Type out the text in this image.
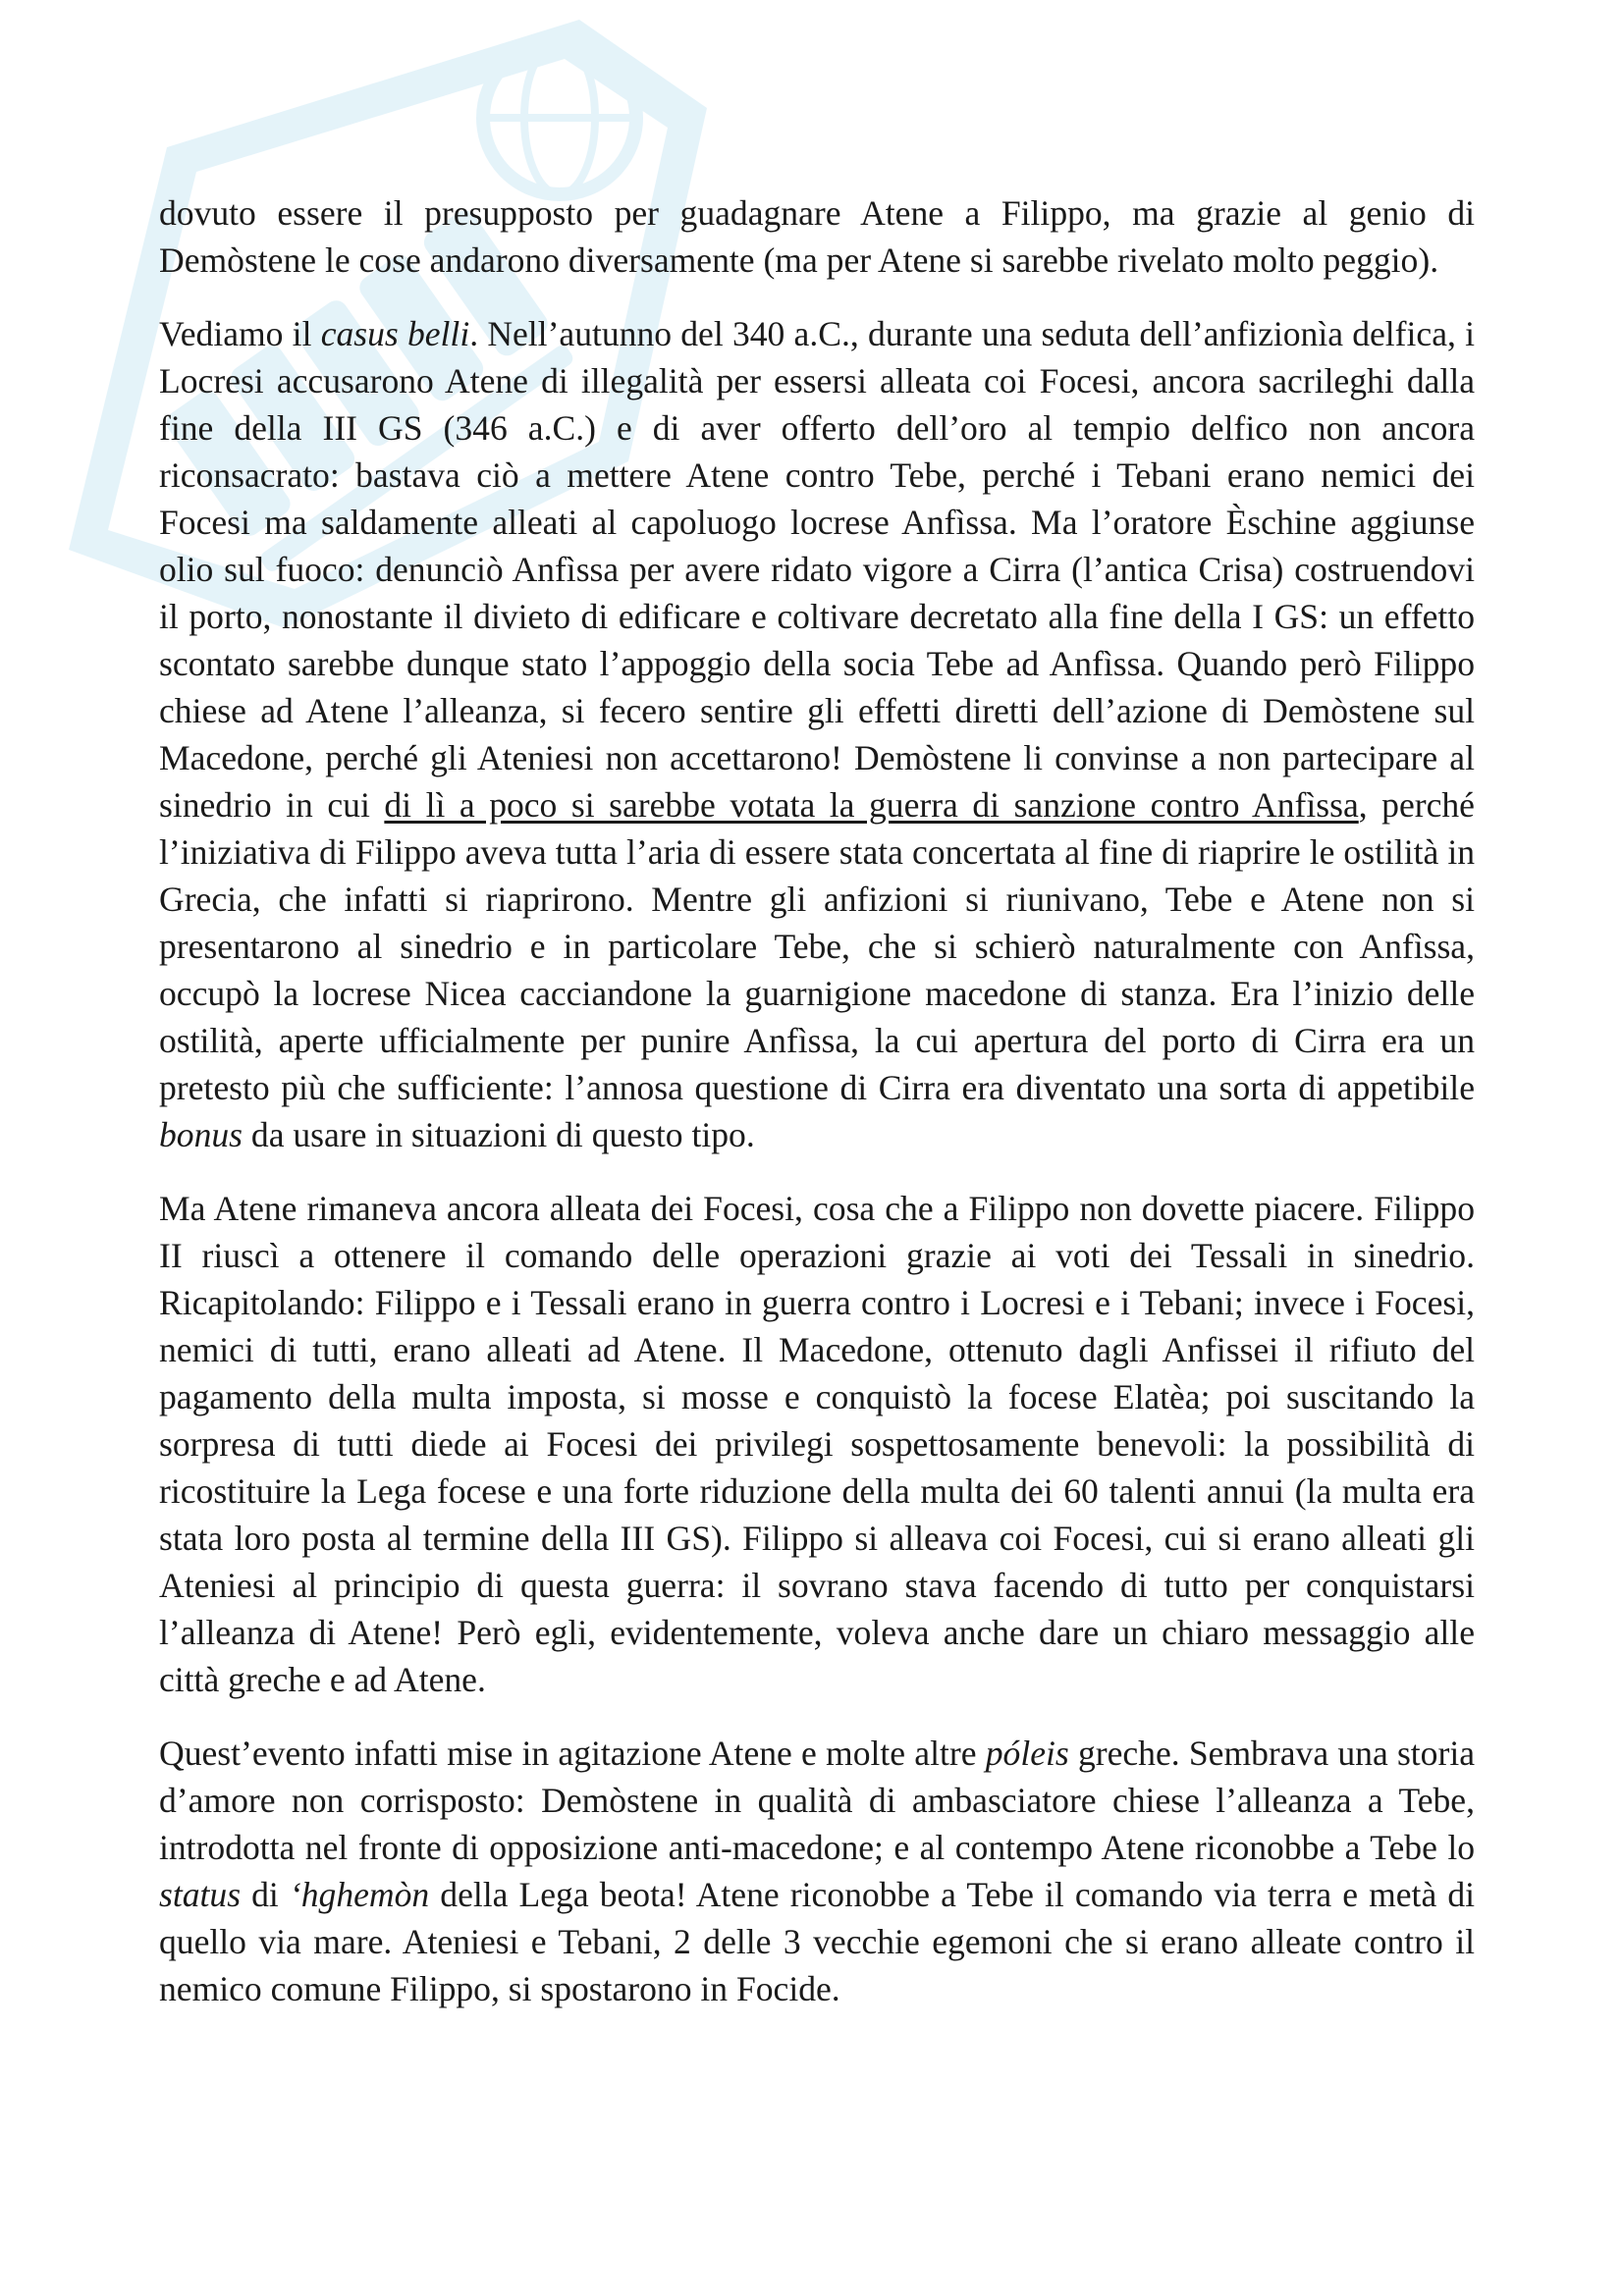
dovuto essere il presupposto per guadagnare Atene a Filippo, ma grazie al genio di Demòstene le cose andarono diversamente (ma per Atene si sarebbe rivelato molto peggio).

Vediamo il casus belli. Nell’autunno del 340 a.C., durante una seduta dell’anfizionìa delfica, i Locresi accusarono Atene di illegalità per essersi alleata coi Focesi, ancora sacrileghi dalla fine della III GS (346 a.C.) e di aver offerto dell’oro al tempio delfico non ancora riconsacrato: bastava ciò a mettere Atene contro Tebe, perché i Tebani erano nemici dei Focesi ma saldamente alleati al capoluogo locrese Anfìssa. Ma l’oratore Èschine aggiunse olio sul fuoco: denunciò Anfìssa per avere ridato vigore a Cirra (l’antica Crisa) costruendovi il porto, nonostante il divieto di edificare e coltivare decretato alla fine della I GS: un effetto scontato sarebbe dunque stato l’appoggio della socia Tebe ad Anfìssa. Quando però Filippo chiese ad Atene l’alleanza, si fecero sentire gli effetti diretti dell’azione di Demòstene sul Macedone, perché gli Ateniesi non accettarono! Demòstene li convinse a non partecipare al sinedrio in cui di lì a poco si sarebbe votata la guerra di sanzione contro Anfìssa, perché l’iniziativa di Filippo aveva tutta l’aria di essere stata concertata al fine di riaprire le ostilità in Grecia, che infatti si riaprirono. Mentre gli anfizioni si riunivano, Tebe e Atene non si presentarono al sinedrio e in particolare Tebe, che si schierò naturalmente con Anfìssa, occupò la locrese Nicea cacciandone la guarnigione macedone di stanza. Era l’inizio delle ostilità, aperte ufficialmente per punire Anfìssa, la cui apertura del porto di Cirra era un pretesto più che sufficiente: l’annosa questione di Cirra era diventato una sorta di appetibile bonus da usare in situazioni di questo tipo.

Ma Atene rimaneva ancora alleata dei Focesi, cosa che a Filippo non dovette piacere. Filippo II riuscì a ottenere il comando delle operazioni grazie ai voti dei Tessali in sinedrio. Ricapitolando: Filippo e i Tessali erano in guerra contro i Locresi e i Tebani; invece i Focesi, nemici di tutti, erano alleati ad Atene. Il Macedone, ottenuto dagli Anfissei il rifiuto del pagamento della multa imposta, si mosse e conquistò la focese Elatèa; poi suscitando la sorpresa di tutti diede ai Focesi dei privilegi sospettosamente benevoli: la possibilità di ricostituire la Lega focese e una forte riduzione della multa dei 60 talenti annui (la multa era stata loro posta al termine della III GS). Filippo si alleava coi Focesi, cui si erano alleati gli Ateniesi al principio di questa guerra: il sovrano stava facendo di tutto per conquistarsi l’alleanza di Atene! Però egli, evidentemente, voleva anche dare un chiaro messaggio alle città greche e ad Atene.

Quest’evento infatti mise in agitazione Atene e molte altre póleis greche. Sembrava una storia d’amore non corrisposto: Demòstene in qualità di ambasciatore chiese l’alleanza a Tebe, introdotta nel fronte di opposizione anti-macedone; e al contempo Atene riconobbe a Tebe lo status di ‘hghemòn della Lega beota! Atene riconobbe a Tebe il comando via terra e metà di quello via mare. Ateniesi e Tebani, 2 delle 3 vecchie egemoni che si erano alleate contro il nemico comune Filippo, si spostarono in Focide.
